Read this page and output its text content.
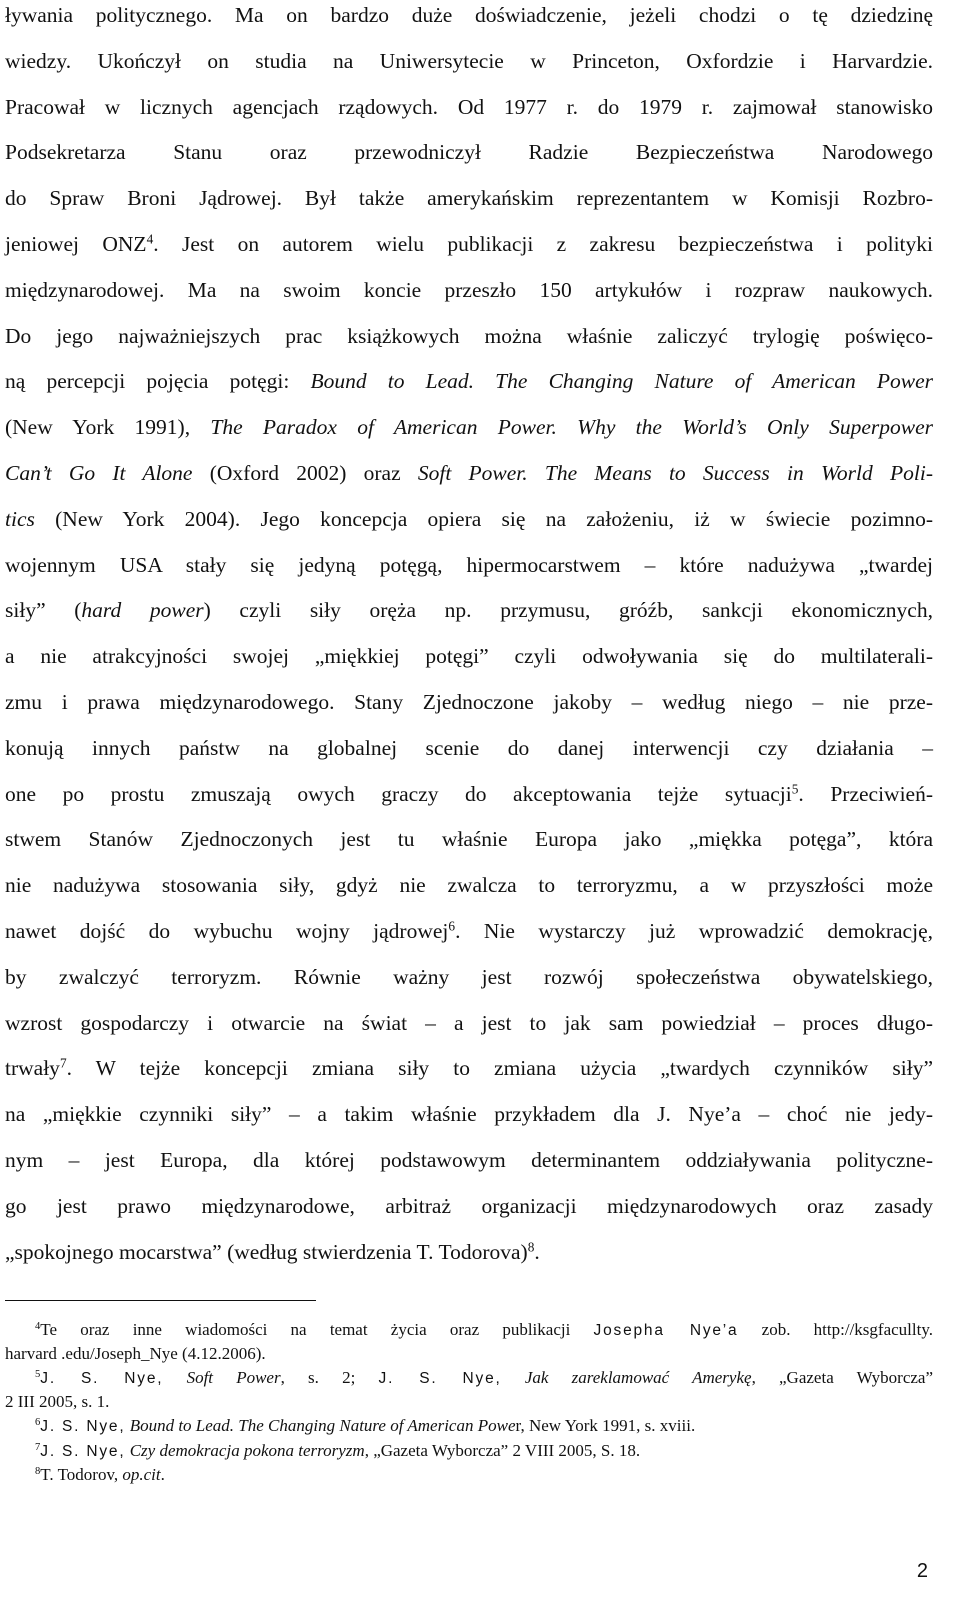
ływania politycznego. Ma on bardzo duże doświadczenie, jeżeli chodzi o tę dziedzinę
wiedzy. Ukończył on studia na Uniwersytecie w Princeton, Oxfordzie i Harvardzie.
Pracował w licznych agencjach rządowych. Od 1977 r. do 1979 r. zajmował stanowisko
Podsekretarza Stanu oraz przewodniczył Radzie Bezpieczeństwa Narodowego
do Spraw Broni Jądrowej. Był także amerykańskim reprezentantem w Komisji Rozbro-
jeniowej ONZ$^4$. Jest on autorem wielu publikacji z zakresu bezpieczeństwa i polityki
międzynarodowej. Ma na swoim koncie przeszło 150 artykułów i rozpraw naukowych.
Do jego najważniejszych prac książkowych można właśnie zaliczyć trylogię poświęco-
ną percepcji pojęcia potęgi: Bound to Lead. The Changing Nature of American Power
(New York 1991), The Paradox of American Power. Why the World’s Only Superpower
Can’t Go It Alone (Oxford 2002) oraz Soft Power. The Means to Success in World Poli-
tics (New York 2004). Jego koncepcja opiera się na założeniu, iż w świecie pozimno-
wojennym USA stały się jedyną potęgą, hipermocarstwem – które nadużywa „twardej
siły” (hard power) czyli siły oręża np. przymusu, gróźb, sankcji ekonomicznych,
a nie atrakcyjności swojej „miękkiej potęgi” czyli odwoływania się do multilaterali-
zmu i prawa międzynarodowego. Stany Zjednoczone jakoby – według niego – nie prze-
konują innych państw na globalnej scenie do danej interwencji czy działania –
one po prostu zmuszają owych graczy do akceptowania tejże sytuacji$^5$. Przeciwień-
stwem Stanów Zjednoczonych jest tu właśnie Europa jako „miękka potęga”, która
nie nadużywa stosowania siły, gdyż nie zwalcza to terroryzmu, a w przyszłości może
nawet dojść do wybuchu wojny jądrowej$^6$. Nie wystarczy już wprowadzić demokrację,
by zwalczyć terroryzm. Równie ważny jest rozwój społeczeństwa obywatelskiego,
wzrost gospodarczy i otwarcie na świat – a jest to jak sam powiedział – proces długo-
trwały$^7$. W tejże koncepcji zmiana siły to zmiana użycia „twardych czynników siły”
na „miękkie czynniki siły” – a takim właśnie przykładem dla J. Nye’a – choć nie jedy-
nym – jest Europa, dla której podstawowym determinantem oddziaływania polityczne-
go jest prawo międzynarodowe, arbitraż organizacji międzynarodowych oraz zasady
„spokojnego mocarstwa” (według stwierdzenia T. Todorova)$^8$.
$^4$Te oraz inne wiadomości na temat życia oraz publikacji Josepha Nye’a zob. http://ksgfacullty.
harvard .edu/Joseph_Nye (4.12.2006).
$^5$J. S. Nye, Soft Power, s. 2; J. S. Nye, Jak zareklamować Amerykę, „Gazeta Wyborcza”
2 III 2005, s. 1.
$^6$J. S. Nye, Bound to Lead. The Changing Nature of American Power, New York 1991, s. xviii.
$^7$J. S. Nye, Czy demokracja pokona terroryzm, „Gazeta Wyborcza” 2 VIII 2005, S. 18.
$^8$T. Todorov, op.cit.
2
